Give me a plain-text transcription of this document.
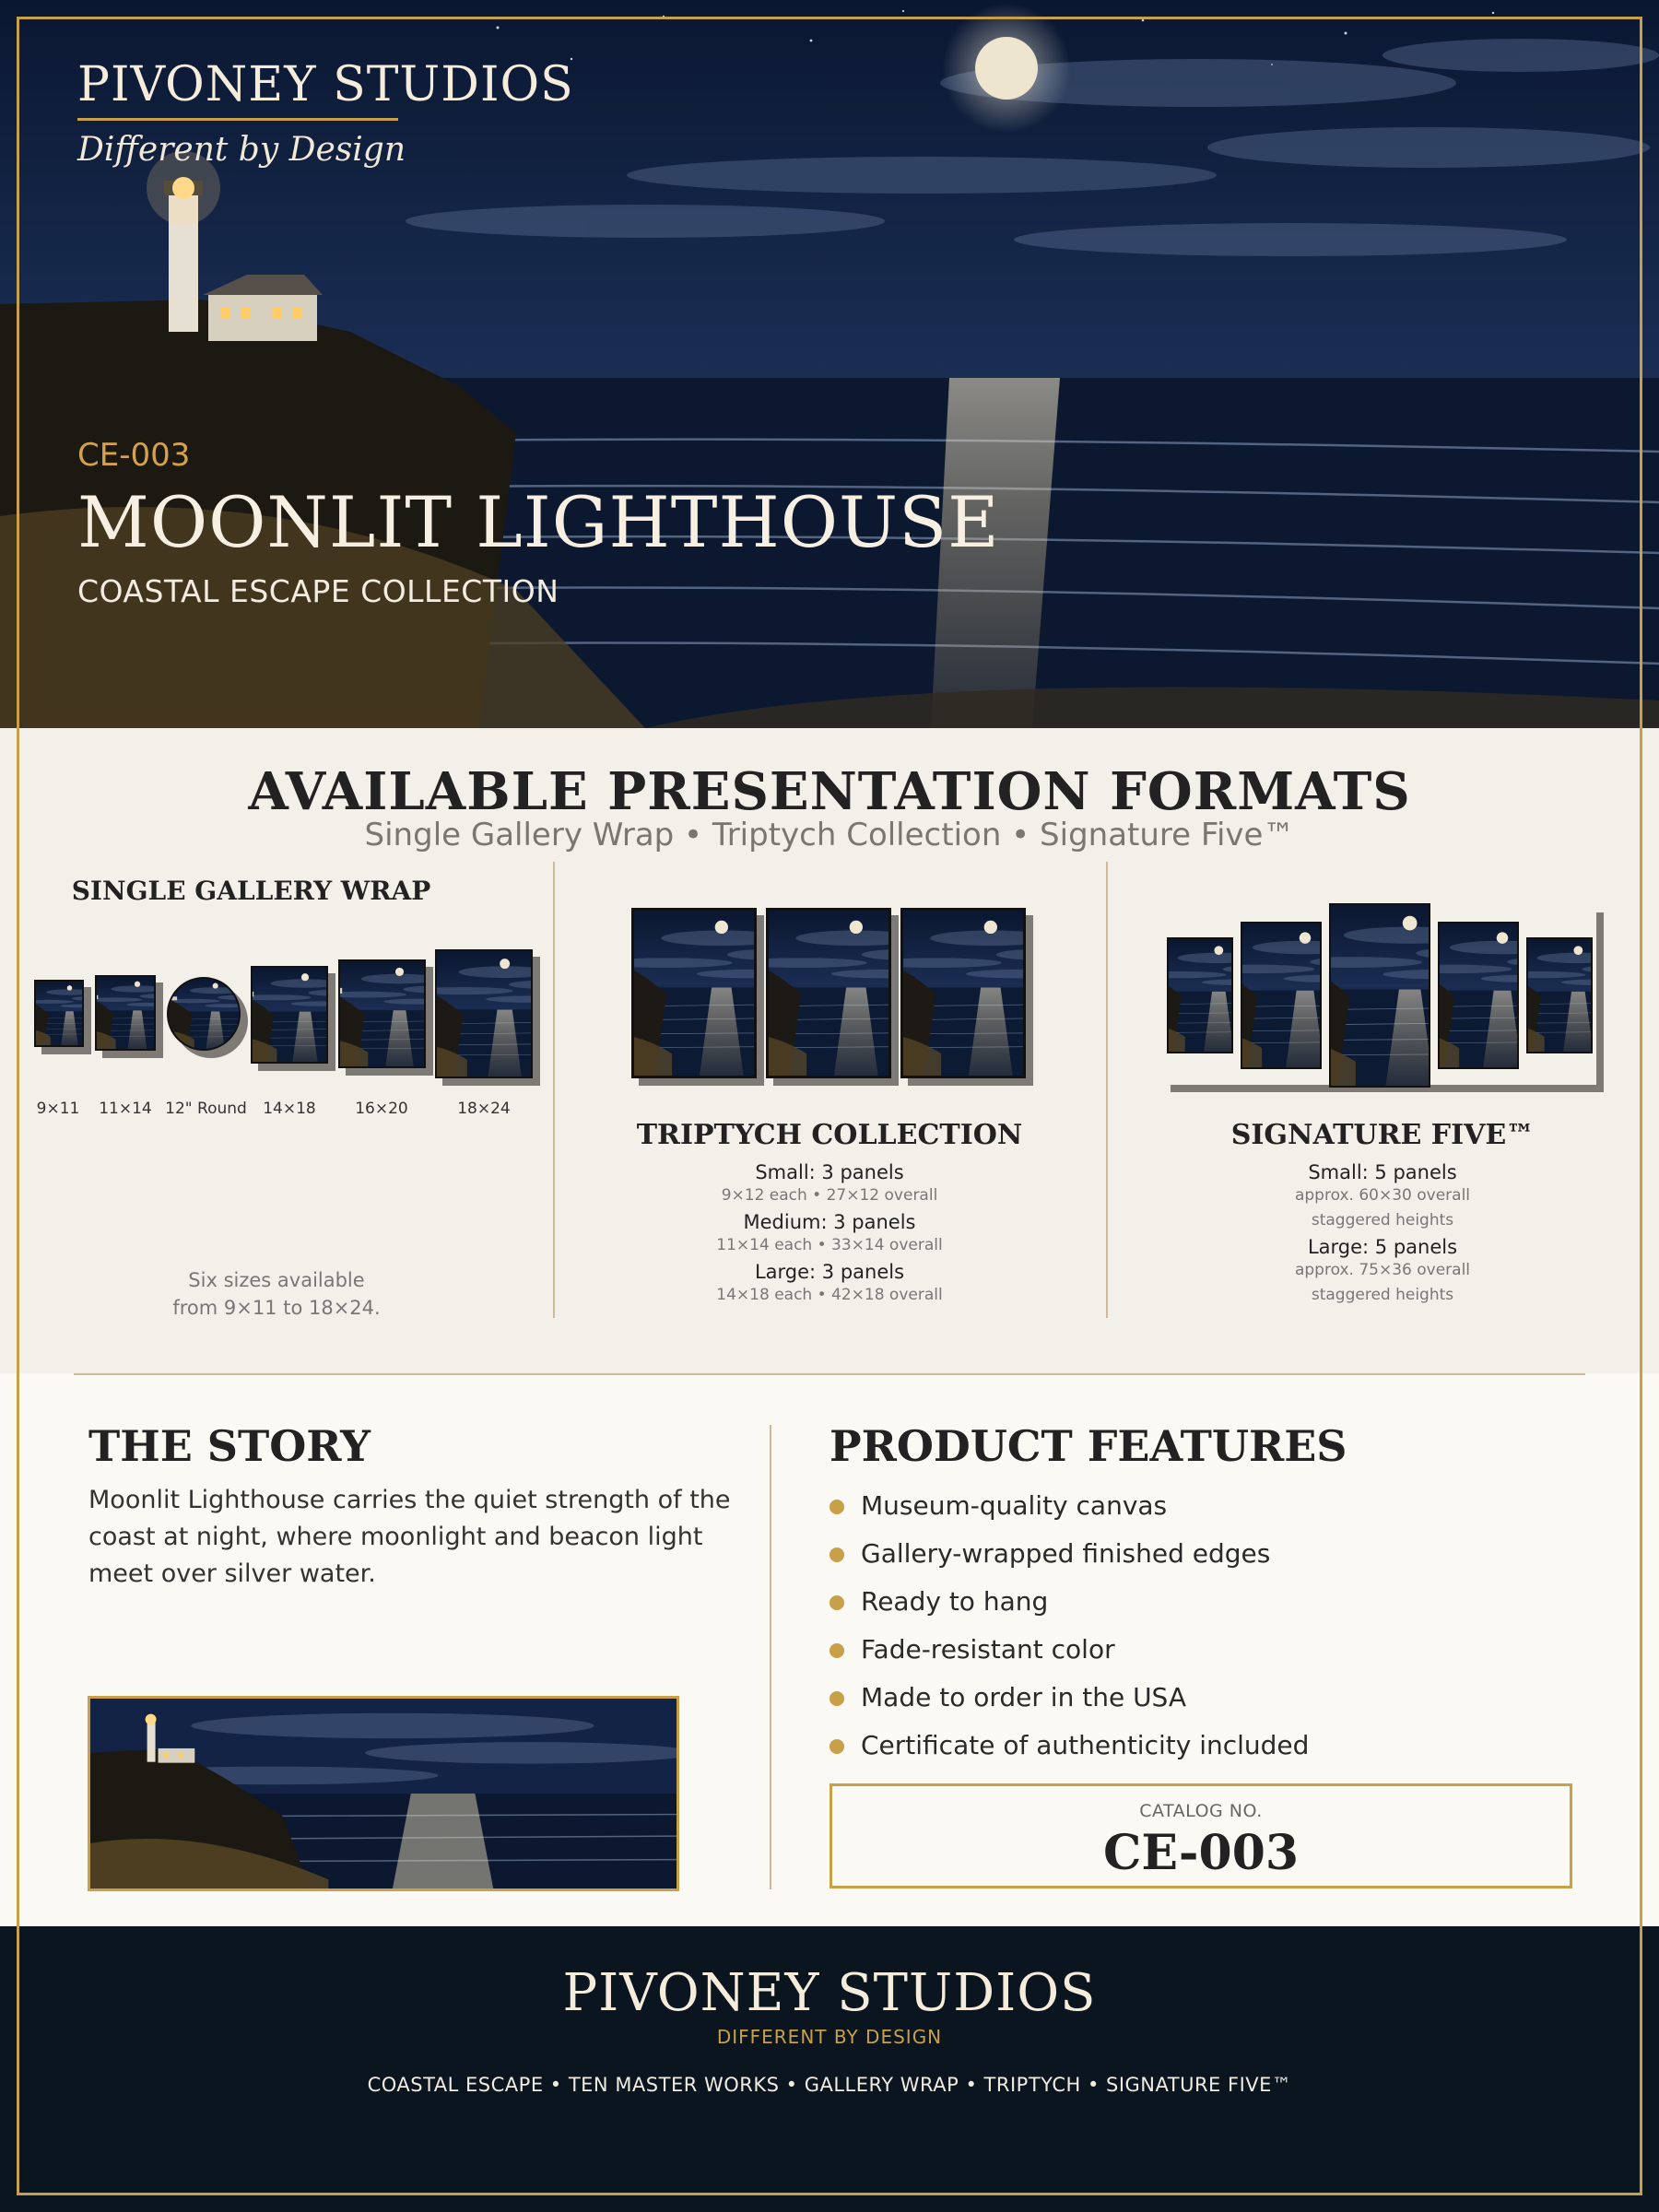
PIVONEY STUDIOS
Different by Design
CE-003
MOONLIT LIGHTHOUSE
COASTAL ESCAPE COLLECTION
AVAILABLE PRESENTATION FORMATS
Single Gallery Wrap • Triptych Collection • Signature Five™
SINGLE GALLERY WRAP
9×11	11×14 12" Round	14×18	16×20	18×24
Six sizes available
from 9×11 to 18×24.
TRIPTYCH COLLECTION
Small: 3 panels
9×12 each • 27×12 overall
Medium: 3 panels
11×14 each • 33×14 overall
Large: 3 panels
14×18 each • 42×18 overall
SIGNATURE FIVE™
Small: 5 panels
approx. 60×30 overall
staggered heights
Large: 5 panels
approx. 75×36 overall
staggered heights
THE STORY
Moonlit Lighthouse carries the quiet strength of the coast at night, where moonlight and beacon light meet over silver water.
PRODUCT FEATURES
Museum-quality canvas
Gallery-wrapped finished edges
Ready to hang
Fade-resistant color
Made to order in the USA
Certificate of authenticity included
CATALOG NO.
CE-003
PIVONEY STUDIOS
DIFFERENT BY DESIGN
COASTAL ESCAPE • TEN MASTER WORKS • GALLERY WRAP • TRIPTYCH • SIGNATURE FIVE™
